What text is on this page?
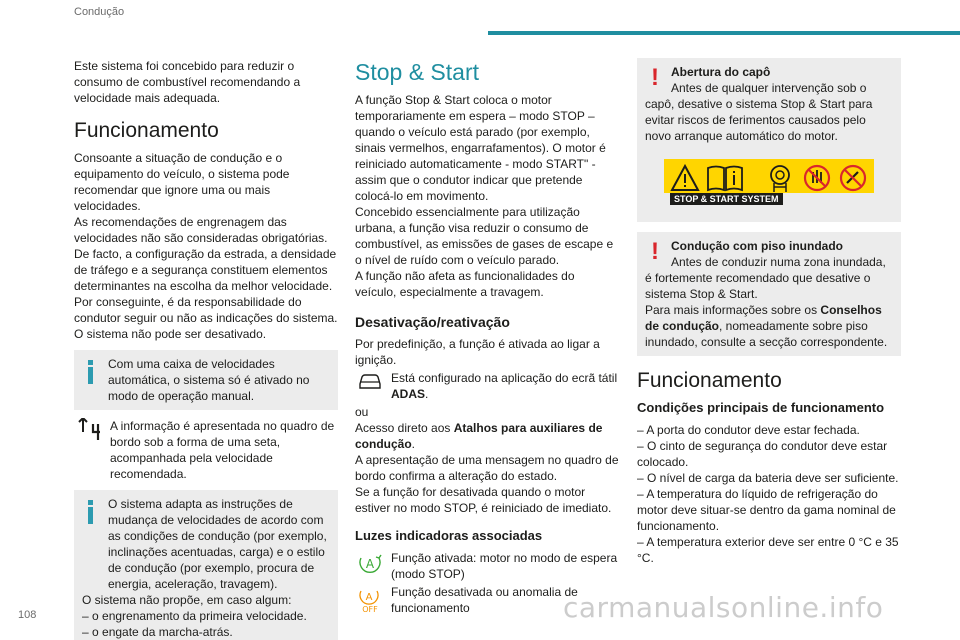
Condução

Este sistema foi concebido para reduzir o consumo de combustível recomendando a velocidade mais adequada.

Funcionamento

Consoante a situação de condução e o equipamento do veículo, o sistema pode recomendar que ignore uma ou mais velocidades.

As recomendações de engrenagem das velocidades não são consideradas obrigatórias. De facto, a configuração da estrada, a densidade de tráfego e a segurança constituem elementos determinantes na escolha da melhor velocidade. Por conseguinte, é da responsabilidade do condutor seguir ou não as indicações do sistema.

O sistema não pode ser desativado.

Com uma caixa de velocidades automática, o sistema só é ativado no modo de operação manual.

A informação é apresentada no quadro de bordo sob a forma de uma seta, acompanhada pela velocidade recomendada.

O sistema adapta as instruções de mudança de velocidades de acordo com as condições de condução (por exemplo, inclinações acentuadas, carga) e o estilo de condução (por exemplo, procura de energia, aceleração, travagem).

O sistema não propõe, em caso algum:

– o engrenamento da primeira velocidade.

– o engate da marcha-atrás.

Stop & Start

A função Stop & Start coloca o motor temporariamente em espera – modo STOP – quando o veículo está parado (por exemplo, sinais vermelhos, engarrafamentos). O motor é reiniciado automaticamente - modo START" - assim que o condutor indicar que pretende colocá-lo em movimento.

Concebido essencialmente para utilização urbana, a função visa reduzir o consumo de combustível, as emissões de gases de escape e o nível de ruído com o veículo parado.

A função não afeta as funcionalidades do veículo, especialmente a travagem.

Desativação/reativação

Por predefinição, a função é ativada ao ligar a ignição.

Está configurado na aplicação do ecrã tátil ADAS.

ou

Acesso direto aos Atalhos para auxiliares de condução.

A apresentação de uma mensagem no quadro de bordo confirma a alteração do estado.

Se a função for desativada quando o motor estiver no modo STOP, é reiniciado de imediato.

Luzes indicadoras associadas
A Função ativada: motor no modo de espera (modo STOP)

A
OFF

Função desativada ou anomalia de funcionamento

!	Abertura do capô

Antes de qualquer intervenção sob o capô, desative o sistema Stop & Start para evitar riscos de ferimentos causados pelo novo arranque automático do motor.

STOP & START SYSTEM
!	Condução com piso inundado

Antes de conduzir numa zona inundada, é fortemente recomendado que desative o sistema Stop & Start.

Para mais informações sobre os Conselhos de condução, nomeadamente sobre piso inundado, consulte a secção correspondente.

Funcionamento
Condições principais de funcionamento

– A porta do condutor deve estar fechada.

– O cinto de segurança do condutor deve estar colocado.

– O nível de carga da bateria deve ser suficiente.

– A temperatura do líquido de refrigeração do motor deve situar-se dentro da gama nominal de funcionamento.

– A temperatura exterior deve ser entre 0 °C e 35 °C.

108	carmanualsonline.info
